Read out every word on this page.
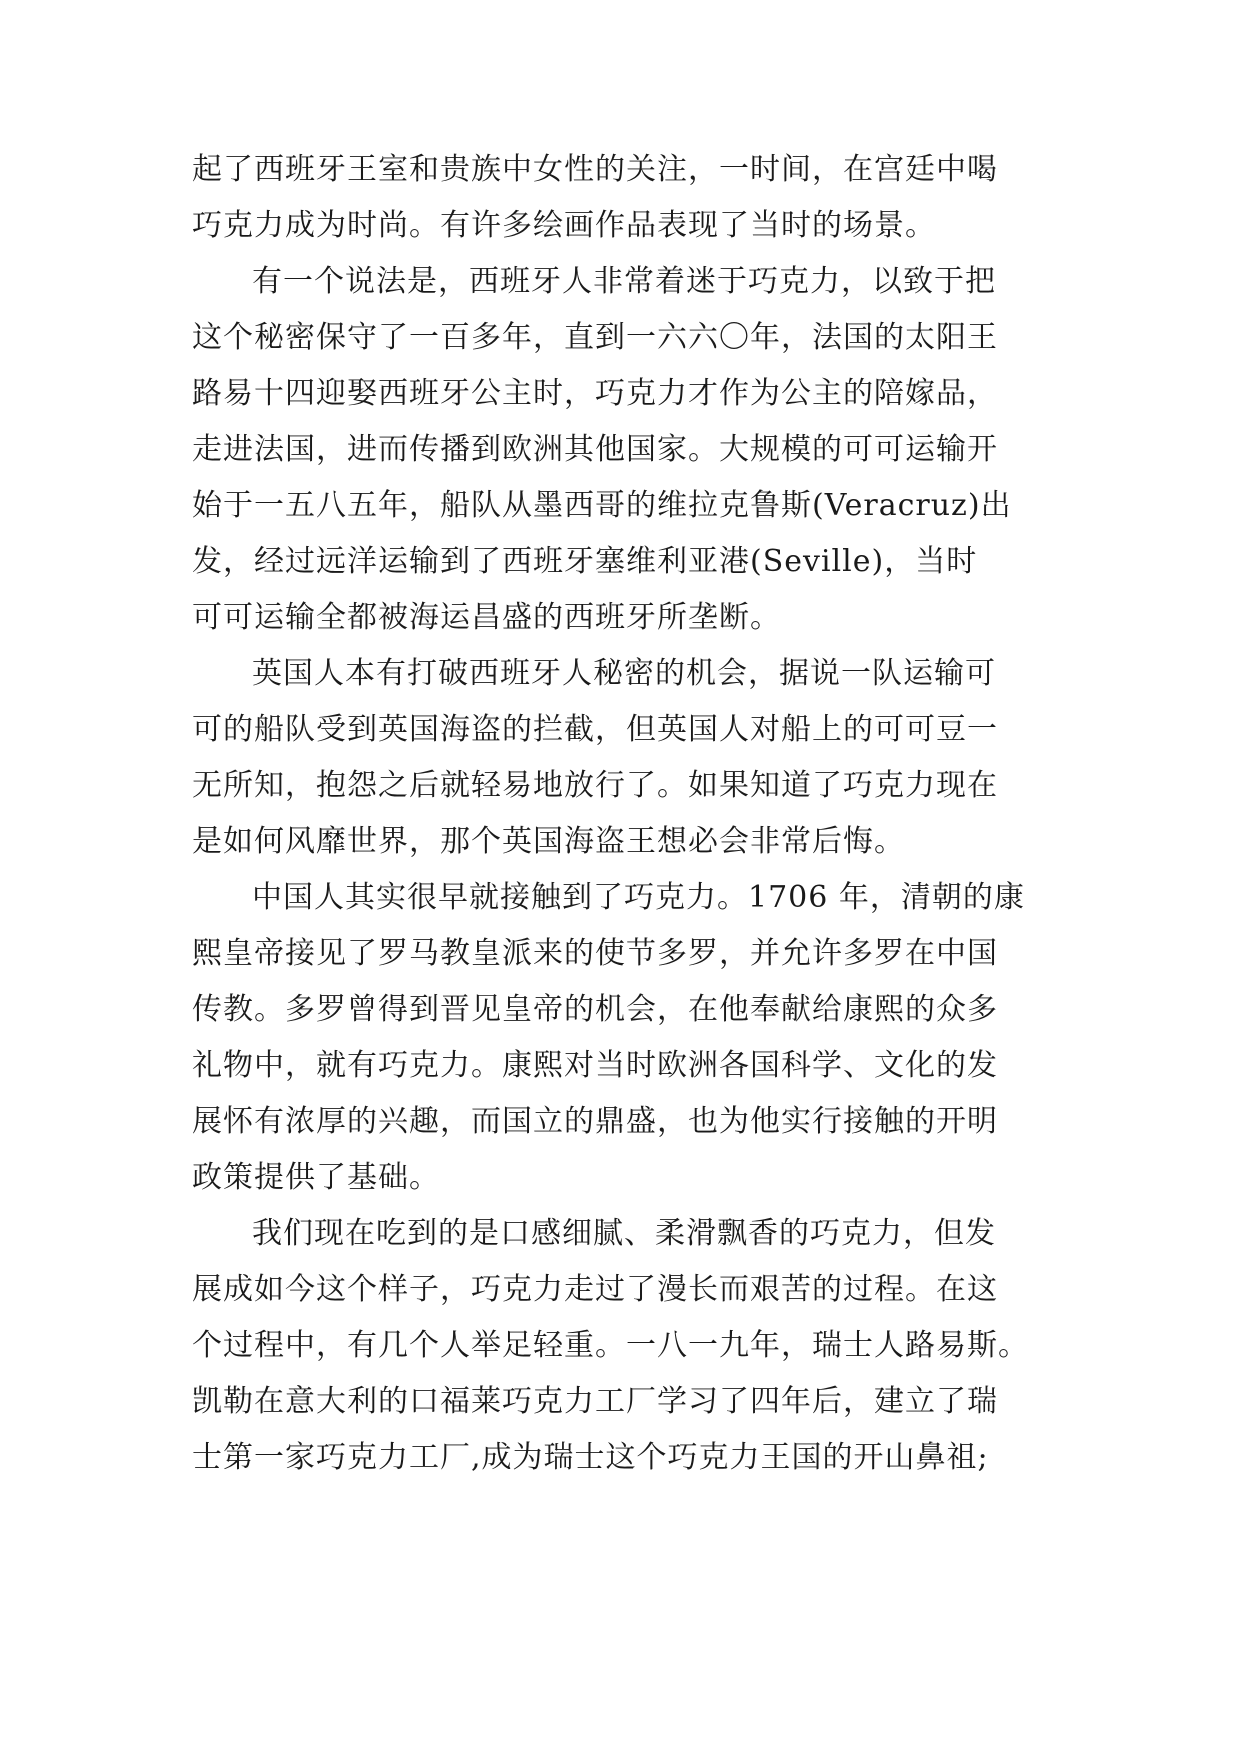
起了西班牙王室和贵族中女性的关注，一时间，在宫廷中喝
巧克力成为时尚。有许多绘画作品表现了当时的场景。
有一个说法是，西班牙人非常着迷于巧克力，以致于把
这个秘密保守了一百多年，直到一六六〇年，法国的太阳王
路易十四迎娶西班牙公主时，巧克力才作为公主的陪嫁品，
走进法国，进而传播到欧洲其他国家。大规模的可可运输开
始于一五八五年，船队从墨西哥的维拉克鲁斯(Veracruz)出
发，经过远洋运输到了西班牙塞维利亚港(Seville)，当时
可可运输全都被海运昌盛的西班牙所垄断。
英国人本有打破西班牙人秘密的机会，据说一队运输可
可的船队受到英国海盗的拦截，但英国人对船上的可可豆一
无所知，抱怨之后就轻易地放行了。如果知道了巧克力现在
是如何风靡世界，那个英国海盗王想必会非常后悔。
中国人其实很早就接触到了巧克力。1706 年，清朝的康
熙皇帝接见了罗马教皇派来的使节多罗，并允许多罗在中国
传教。多罗曾得到晋见皇帝的机会，在他奉献给康熙的众多
礼物中，就有巧克力。康熙对当时欧洲各国科学、文化的发
展怀有浓厚的兴趣，而国立的鼎盛，也为他实行接触的开明
政策提供了基础。
我们现在吃到的是口感细腻、柔滑飘香的巧克力，但发
展成如今这个样子，巧克力走过了漫长而艰苦的过程。在这
个过程中，有几个人举足轻重。一八一九年，瑞士人路易斯。
凯勒在意大利的口福莱巧克力工厂学习了四年后，建立了瑞
士第一家巧克力工厂,成为瑞士这个巧克力王国的开山鼻祖;
